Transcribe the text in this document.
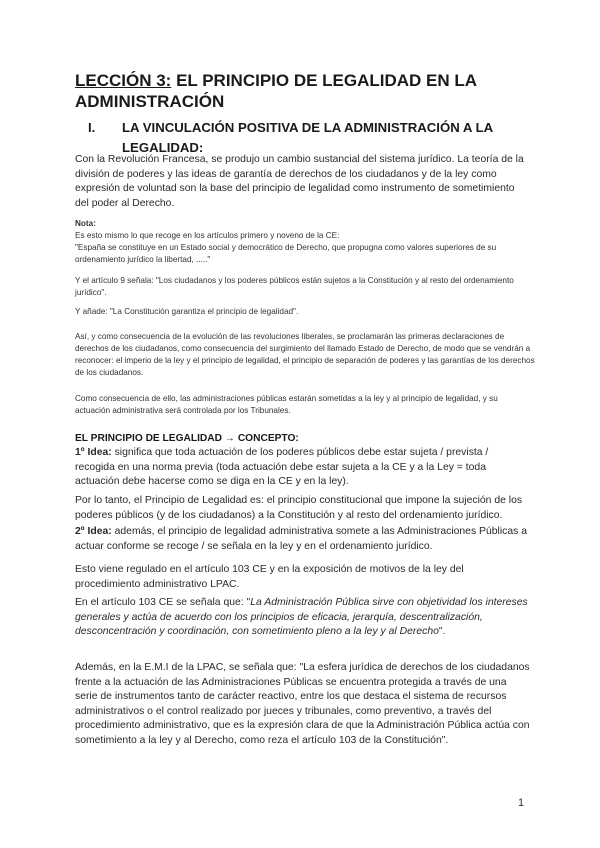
LECCIÓN 3: EL PRINCIPIO DE LEGALIDAD EN LA ADMINISTRACIÓN
I. LA VINCULACIÓN POSITIVA DE LA ADMINISTRACIÓN A LA LEGALIDAD:
Con la Revolución Francesa, se produjo un cambio sustancial del sistema jurídico. La teoría de la división de poderes y las ideas de garantía de derechos de los ciudadanos y de la ley como expresión de voluntad son la base del principio de legalidad como instrumento de sometimiento del poder al Derecho.
Nota:
Es esto mismo lo que recoge en los artículos primero y noveno de la CE:
"España se constituye en un Estado social y democrático de Derecho, que propugna como valores superiores de su ordenamiento jurídico la libertad, ....."
Y el artículo 9 señala: "Los ciudadanos y los poderes públicos están sujetos a la Constitución y al resto del ordenamiento jurídico".
Y añade: "La Constitución garantiza el principio de legalidad".
Así, y como consecuencia de la evolución de las revoluciones liberales, se proclamarán las primeras declaraciones de derechos de los ciudadanos, como consecuencia del surgimiento del llamado Estado de Derecho, de modo que se vendrán a reconocer: el imperio de la ley y el principio de legalidad, el principio de separación de poderes y las garantías de los derechos de los ciudadanos.
Como consecuencia de ello, las administraciones públicas estarán sometidas a la ley y al principio de legalidad, y su actuación administrativa será controlada por los Tribunales.
EL PRINCIPIO DE LEGALIDAD → CONCEPTO:
1º Idea: significa que toda actuación de los poderes públicos debe estar sujeta / prevista / recogida en una norma previa (toda actuación debe estar sujeta a la CE y a la Ley = toda actuación debe hacerse como se diga en la CE y en la ley).
Por lo tanto, el Principio de Legalidad es: el principio constitucional que impone la sujeción de los poderes públicos (y de los ciudadanos) a la Constitución y al resto del ordenamiento jurídico.
2º Idea: además, el principio de legalidad administrativa somete a las Administraciones Públicas a actuar conforme se recoge / se señala en la ley y en el ordenamiento jurídico.
Esto viene regulado en el artículo 103 CE y en la exposición de motivos de la ley del procedimiento administrativo LPAC.
En el artículo 103 CE se señala que: "La Administración Pública sirve con objetividad los intereses generales y actúa de acuerdo con los principios de eficacia, jerarquía, descentralización, desconcentración y coordinación, con sometimiento pleno a la ley y al Derecho".
Además, en la E.M.I de la LPAC, se señala que: "La esfera jurídica de derechos de los ciudadanos frente a la actuación de las Administraciones Públicas se encuentra protegida a través de una serie de instrumentos tanto de carácter reactivo, entre los que destaca el sistema de recursos administrativos o el control realizado por jueces y tribunales, como preventivo, a través del procedimiento administrativo, que es la expresión clara de que la Administración Pública actúa con sometimiento a la ley y al Derecho, como reza el artículo 103 de la Constitución".
1
